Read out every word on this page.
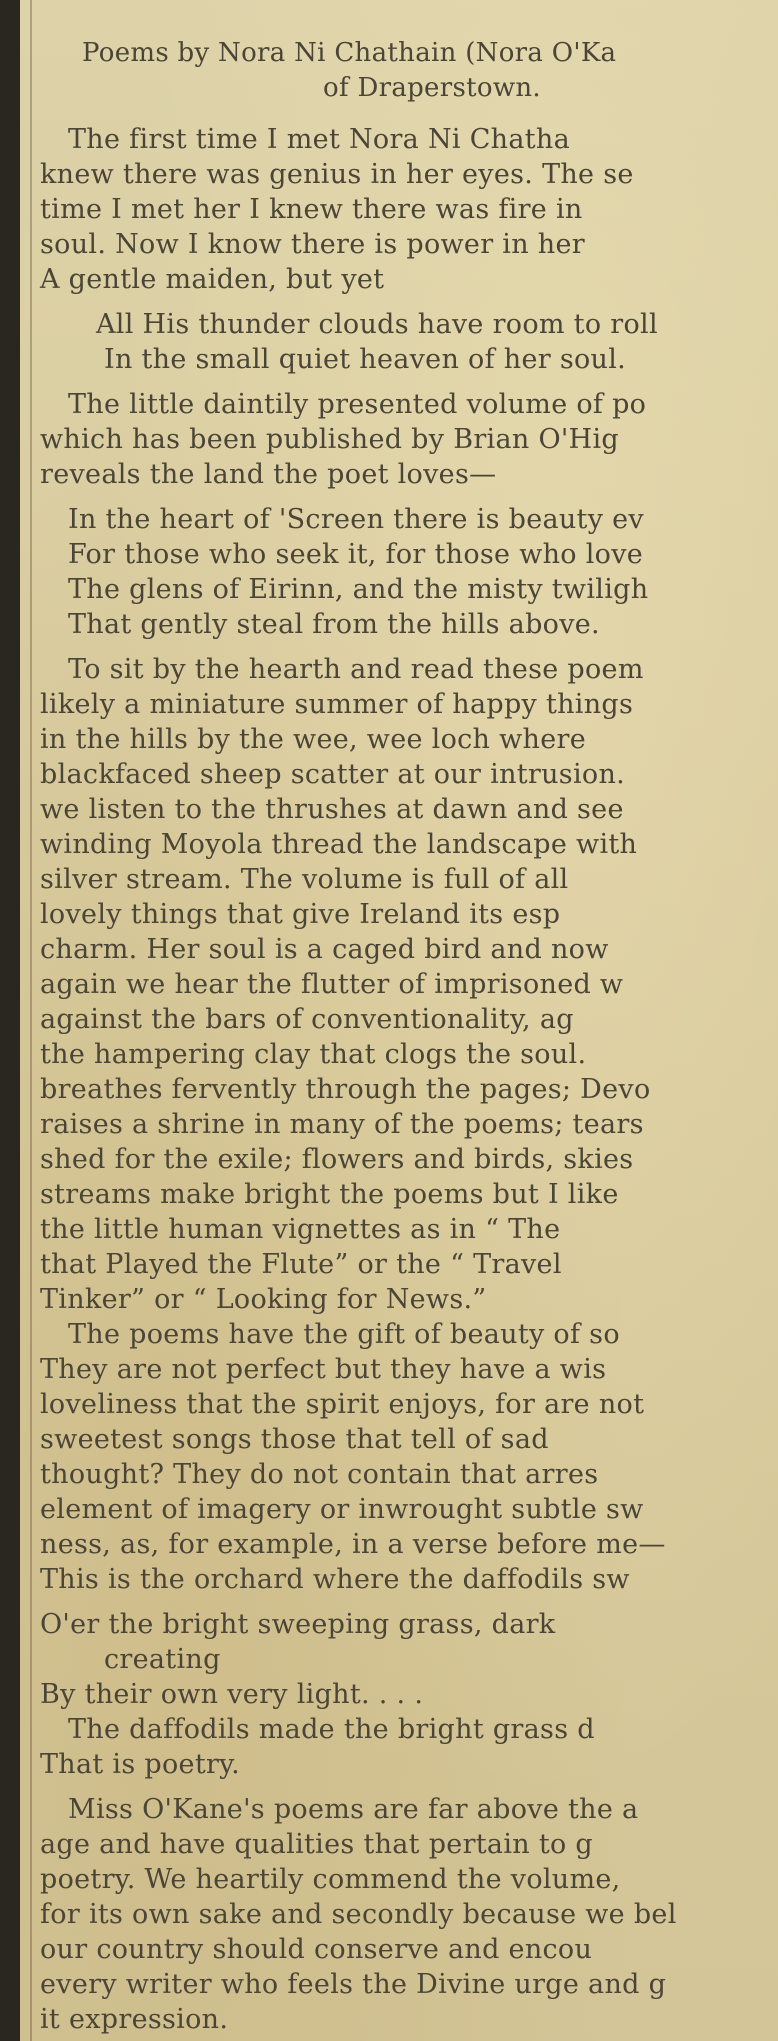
Poems by Nora Ni Chathain (Nora O'Ka
of Draperstown.
The first time I met Nora Ni Chatha
knew there was genius in her eyes. The se
time I met her I knew there was fire in
soul. Now I know there is power in her
A gentle maiden, but yet
All His thunder clouds have room to roll
In the small quiet heaven of her soul.
The little daintily presented volume of po
which has been published by Brian O'Hig
reveals the land the poet loves—
In the heart of 'Screen there is beauty ev
For those who seek it, for those who love
The glens of Eirinn, and the misty twiligh
That gently steal from the hills above.
To sit by the hearth and read these poem
likely a miniature summer of happy things
in the hills by the wee, wee loch where
blackfaced sheep scatter at our intrusion.
we listen to the thrushes at dawn and see
winding Moyola thread the landscape with
silver stream. The volume is full of all
lovely things that give Ireland its esp
charm. Her soul is a caged bird and now
again we hear the flutter of imprisoned w
against the bars of conventionality, ag
the hampering clay that clogs the soul.
breathes fervently through the pages; Devo
raises a shrine in many of the poems; tears
shed for the exile; flowers and birds, skies
streams make bright the poems but I like
the little human vignettes as in “ The
that Played the Flute” or the “ Travel
Tinker” or “ Looking for News.”
The poems have the gift of beauty of so
They are not perfect but they have a wis
loveliness that the spirit enjoys, for are not
sweetest songs those that tell of sad
thought? They do not contain that arres
element of imagery or inwrought subtle sw
ness, as, for example, in a verse before me—
This is the orchard where the daffodils sw
O'er the bright sweeping grass, dark
creating
By their own very light. . . .
The daffodils made the bright grass d
That is poetry.
Miss O'Kane's poems are far above the a
age and have qualities that pertain to g
poetry. We heartily commend the volume,
for its own sake and secondly because we bel
our country should conserve and encou
every writer who feels the Divine urge and g
it expression.
